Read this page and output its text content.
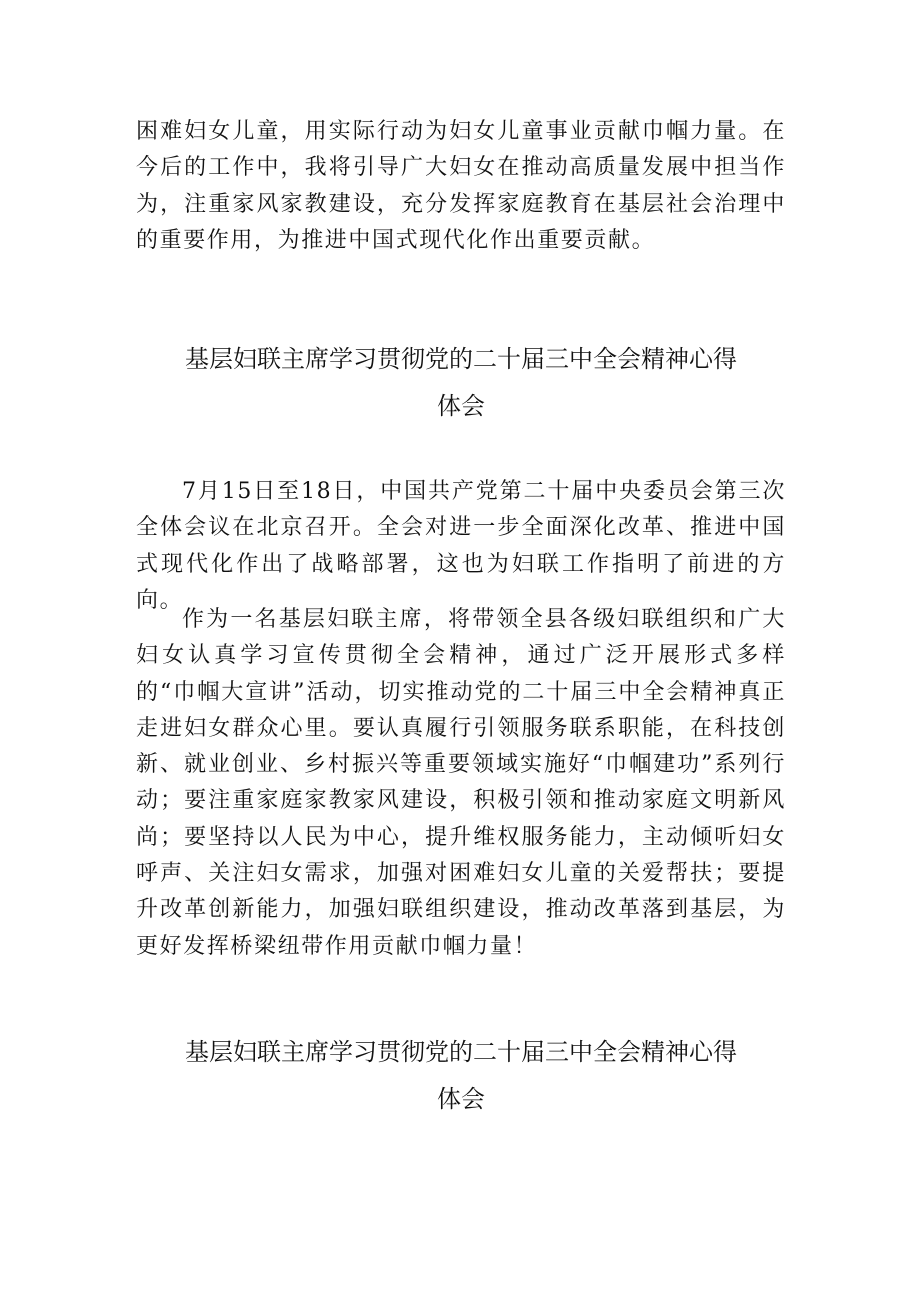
困难妇女儿童，用实际行动为妇女儿童事业贡献巾帼力量。在今后的工作中，我将引导广大妇女在推动高质量发展中担当作为，注重家风家教建设，充分发挥家庭教育在基层社会治理中的重要作用，为推进中国式现代化作出重要贡献。

基层妇联主席学习贯彻党的二十届三中全会精神心得
体会

7月15日至18日，中国共产党第二十届中央委员会第三次全体会议在北京召开。全会对进一步全面深化改革、推进中国式现代化作出了战略部署，这也为妇联工作指明了前进的方向。

作为一名基层妇联主席，将带领全县各级妇联组织和广大妇女认真学习宣传贯彻全会精神，通过广泛开展形式多样的“巾帼大宣讲”活动，切实推动党的二十届三中全会精神真正走进妇女群众心里。要认真履行引领服务联系职能，在科技创新、就业创业、乡村振兴等重要领域实施好“巾帼建功”系列行动；要注重家庭家教家风建设，积极引领和推动家庭文明新风尚；要坚持以人民为中心，提升维权服务能力，主动倾听妇女呼声、关注妇女需求，加强对困难妇女儿童的关爱帮扶；要提升改革创新能力，加强妇联组织建设，推动改革落到基层，为更好发挥桥梁纽带作用贡献巾帼力量！

基层妇联主席学习贯彻党的二十届三中全会精神心得
体会
